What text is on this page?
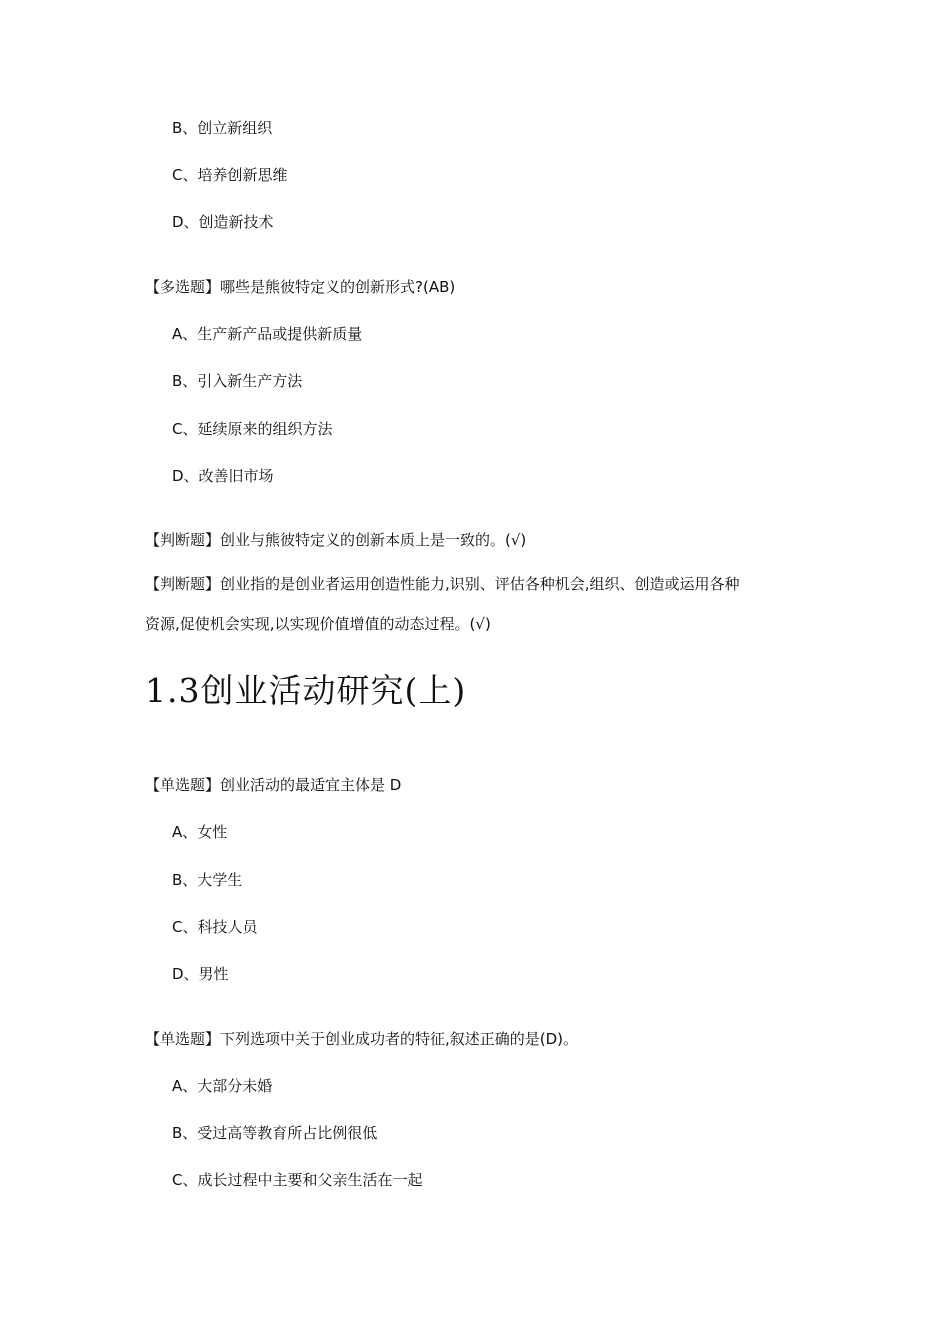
B、创立新组织
C、培养创新思维
D、创造新技术
【多选题】哪些是熊彼特定义的创新形式?(AB)
A、生产新产品或提供新质量
B、引入新生产方法
C、延续原来的组织方法
D、改善旧市场
【判断题】创业与熊彼特定义的创新本质上是一致的。(√)
【判断题】创业指的是创业者运用创造性能力,识别、评估各种机会,组织、创造或运用各种
资源,促使机会实现,以实现价值增值的动态过程。(√)
1.3创业活动研究(上)
【单选题】创业活动的最适宜主体是 D
A、女性
B、大学生
C、科技人员
D、男性
【单选题】下列选项中关于创业成功者的特征,叙述正确的是(D)。
A、大部分未婚
B、受过高等教育所占比例很低
C、成长过程中主要和父亲生活在一起
